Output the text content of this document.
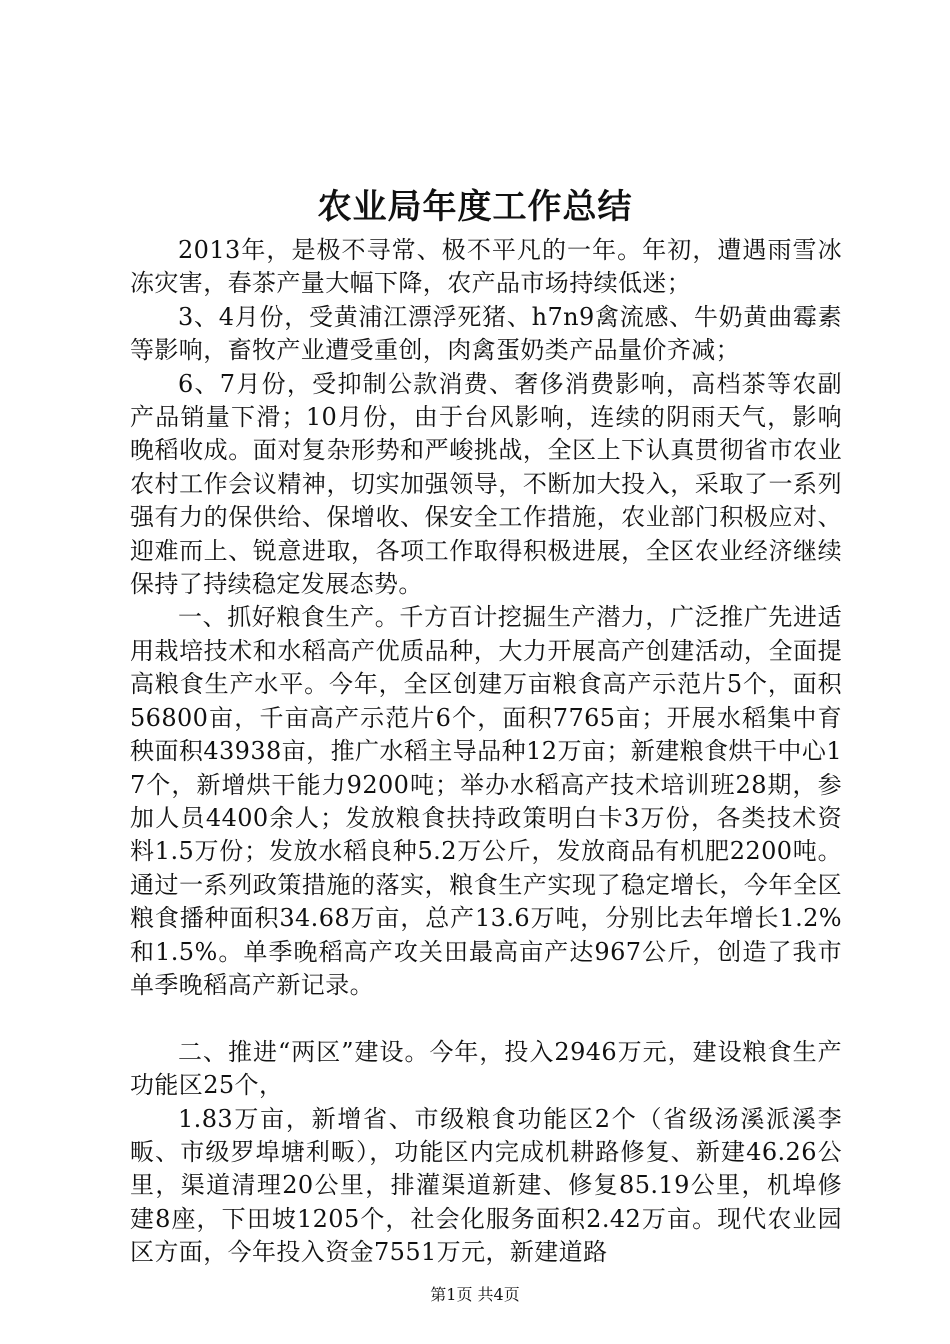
农业局年度工作总结

2013年，是极不寻常、极不平凡的一年。年初，遭遇雨雪冰冻灾害，春茶产量大幅下降，农产品市场持续低迷；

3、4月份，受黄浦江漂浮死猪、h7n9禽流感、牛奶黄曲霉素等影响，畜牧产业遭受重创，肉禽蛋奶类产品量价齐减；

6、7月份，受抑制公款消费、奢侈消费影响，高档茶等农副产品销量下滑；10月份，由于台风影响，连续的阴雨天气，影响晚稻收成。面对复杂形势和严峻挑战，全区上下认真贯彻省市农业农村工作会议精神，切实加强领导，不断加大投入，采取了一系列强有力的保供给、保增收、保安全工作措施，农业部门积极应对、迎难而上、锐意进取，各项工作取得积极进展，全区农业经济继续保持了持续稳定发展态势。

一、抓好粮食生产。千方百计挖掘生产潜力，广泛推广先进适用栽培技术和水稻高产优质品种，大力开展高产创建活动，全面提高粮食生产水平。今年，全区创建万亩粮食高产示范片5个，面积56800亩，千亩高产示范片6个，面积7765亩；开展水稻集中育秧面积43938亩，推广水稻主导品种12万亩；新建粮食烘干中心17个，新增烘干能力9200吨；举办水稻高产技术培训班28期，参加人员4400余人；发放粮食扶持政策明白卡3万份，各类技术资料1.5万份；发放水稻良种5.2万公斤，发放商品有机肥2200吨。通过一系列政策措施的落实，粮食生产实现了稳定增长，今年全区粮食播种面积34.68万亩，总产13.6万吨，分别比去年增长1.2%和1.5%。单季晚稻高产攻关田最高亩产达967公斤，创造了我市单季晚稻高产新记录。

二、推进“两区”建设。今年，投入2946万元，建设粮食生产功能区25个，

1.83万亩，新增省、市级粮食功能区2个（省级汤溪派溪李畈、市级罗埠塘利畈），功能区内完成机耕路修复、新建46.26公里，渠道清理20公里，排灌渠道新建、修复85.19公里，机埠修建8座，下田坡1205个，社会化服务面积2.42万亩。现代农业园区方面，今年投入资金7551万元，新建道路

第1页 共4页
